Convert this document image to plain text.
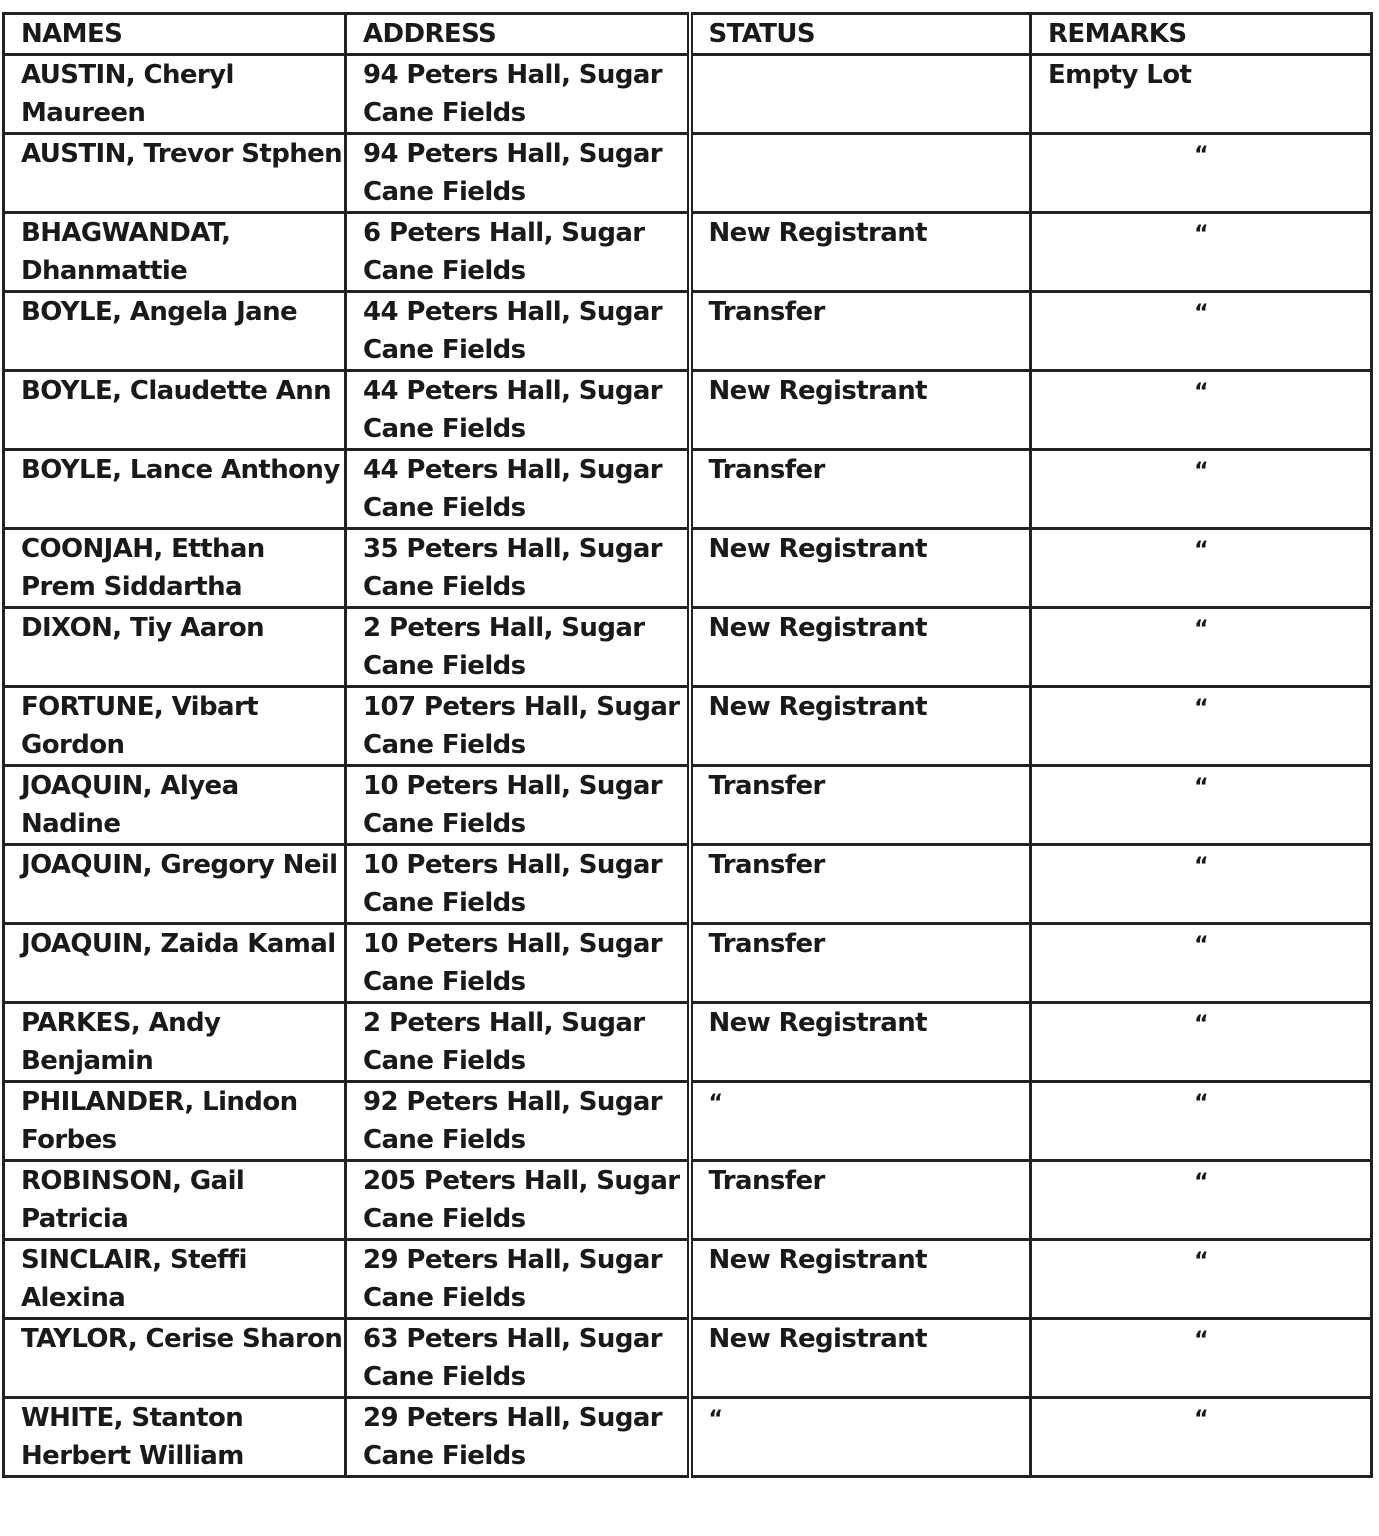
NAMES	ADDRESS	STATUS	REMARKS
AUSTIN, Cheryl Maureen	94 Peters Hall, Sugar Cane Fields		Empty Lot
AUSTIN, Trevor Stphen	94 Peters Hall, Sugar Cane Fields		“
BHAGWANDAT, Dhanmattie	6 Peters Hall, Sugar Cane Fields	New Registrant	“
BOYLE, Angela Jane	44 Peters Hall, Sugar Cane Fields	Transfer	“
BOYLE, Claudette Ann	44 Peters Hall, Sugar Cane Fields	New Registrant	“
BOYLE, Lance Anthony	44 Peters Hall, Sugar Cane Fields	Transfer	“
COONJAH, Etthan Prem Siddartha	35 Peters Hall, Sugar Cane Fields	New Registrant	“
DIXON, Tiy Aaron	2 Peters Hall, Sugar Cane Fields	New Registrant	“
FORTUNE, Vibart Gordon	107 Peters Hall, Sugar Cane Fields	New Registrant	“
JOAQUIN, Alyea Nadine	10 Peters Hall, Sugar Cane Fields	Transfer	“
JOAQUIN, Gregory Neil	10 Peters Hall, Sugar Cane Fields	Transfer	“
JOAQUIN, Zaida Kamal	10 Peters Hall, Sugar Cane Fields	Transfer	“
PARKES, Andy Benjamin	2 Peters Hall, Sugar Cane Fields	New Registrant	“
PHILANDER, Lindon Forbes	92 Peters Hall, Sugar Cane Fields	“	“
ROBINSON, Gail Patricia	205 Peters Hall, Sugar Cane Fields	Transfer	“
SINCLAIR, Steffi Alexina	29 Peters Hall, Sugar Cane Fields	New Registrant	“
TAYLOR, Cerise Sharon	63 Peters Hall, Sugar Cane Fields	New Registrant	“
WHITE, Stanton Herbert William	29 Peters Hall, Sugar Cane Fields	“	“
